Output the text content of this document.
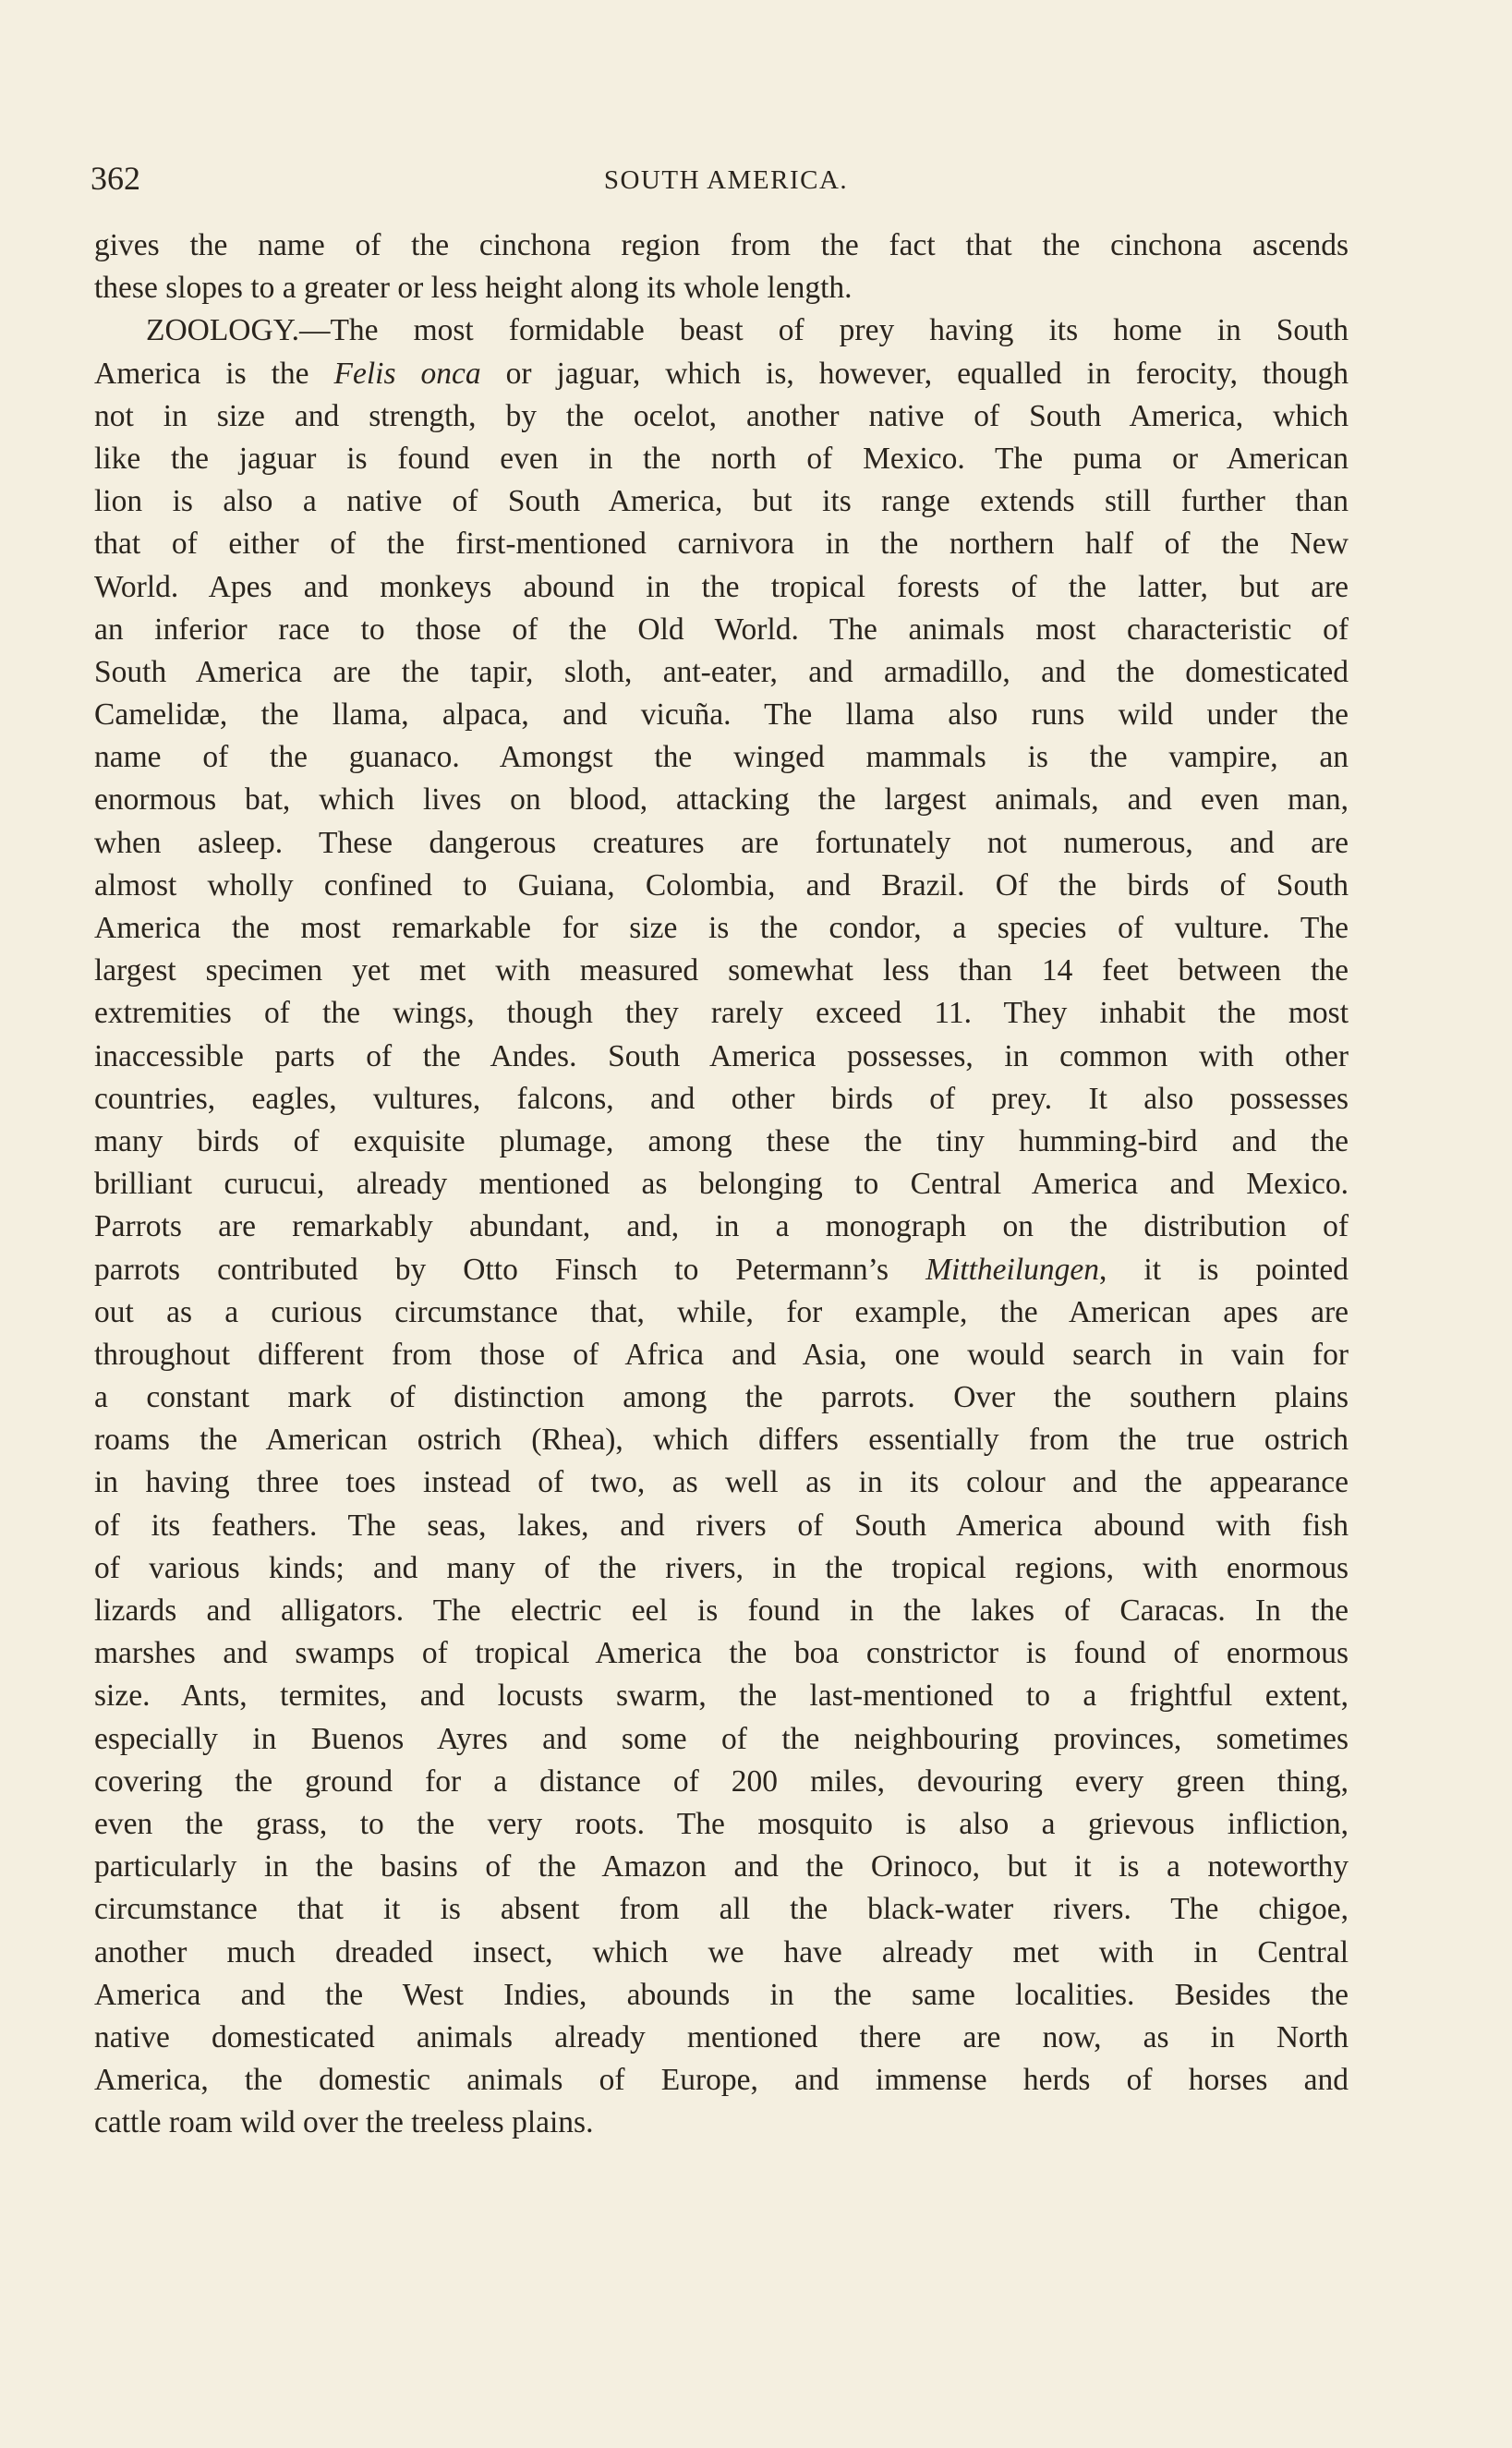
362	SOUTH AMERICA.
gives the name of the cinchona region from the fact that the cinchona ascends
these slopes to a greater or less height along its whole length.
ZOOLOGY.—The most formidable beast of prey having its home in South
America is the Felis onca or jaguar, which is, however, equalled in ferocity, though
not in size and strength, by the ocelot, another native of South America, which
like the jaguar is found even in the north of Mexico. The puma or American
lion is also a native of South America, but its range extends still further than
that of either of the first-mentioned carnivora in the northern half of the New
World. Apes and monkeys abound in the tropical forests of the latter, but are
an inferior race to those of the Old World. The animals most characteristic of
South America are the tapir, sloth, ant-eater, and armadillo, and the domesticated
Camelidæ, the llama, alpaca, and vicuña. The llama also runs wild under the
name of the guanaco. Amongst the winged mammals is the vampire, an
enormous bat, which lives on blood, attacking the largest animals, and even man,
when asleep. These dangerous creatures are fortunately not numerous, and are
almost wholly confined to Guiana, Colombia, and Brazil. Of the birds of South
America the most remarkable for size is the condor, a species of vulture. The
largest specimen yet met with measured somewhat less than 14 feet between the
extremities of the wings, though they rarely exceed 11. They inhabit the most
inaccessible parts of the Andes. South America possesses, in common with other
countries, eagles, vultures, falcons, and other birds of prey. It also possesses
many birds of exquisite plumage, among these the tiny humming-bird and the
brilliant curucui, already mentioned as belonging to Central America and Mexico.
Parrots are remarkably abundant, and, in a monograph on the distribution of
parrots contributed by Otto Finsch to Petermann’s Mittheilungen, it is pointed
out as a curious circumstance that, while, for example, the American apes are
throughout different from those of Africa and Asia, one would search in vain for
a constant mark of distinction among the parrots. Over the southern plains
roams the American ostrich (Rhea), which differs essentially from the true ostrich
in having three toes instead of two, as well as in its colour and the appearance
of its feathers. The seas, lakes, and rivers of South America abound with fish
of various kinds; and many of the rivers, in the tropical regions, with enormous
lizards and alligators. The electric eel is found in the lakes of Caracas. In the
marshes and swamps of tropical America the boa constrictor is found of enormous
size. Ants, termites, and locusts swarm, the last-mentioned to a frightful extent,
especially in Buenos Ayres and some of the neighbouring provinces, sometimes
covering the ground for a distance of 200 miles, devouring every green thing,
even the grass, to the very roots. The mosquito is also a grievous infliction,
particularly in the basins of the Amazon and the Orinoco, but it is a noteworthy
circumstance that it is absent from all the black-water rivers. The chigoe,
another much dreaded insect, which we have already met with in Central
America and the West Indies, abounds in the same localities. Besides the
native domesticated animals already mentioned there are now, as in North
America, the domestic animals of Europe, and immense herds of horses and
cattle roam wild over the treeless plains.
